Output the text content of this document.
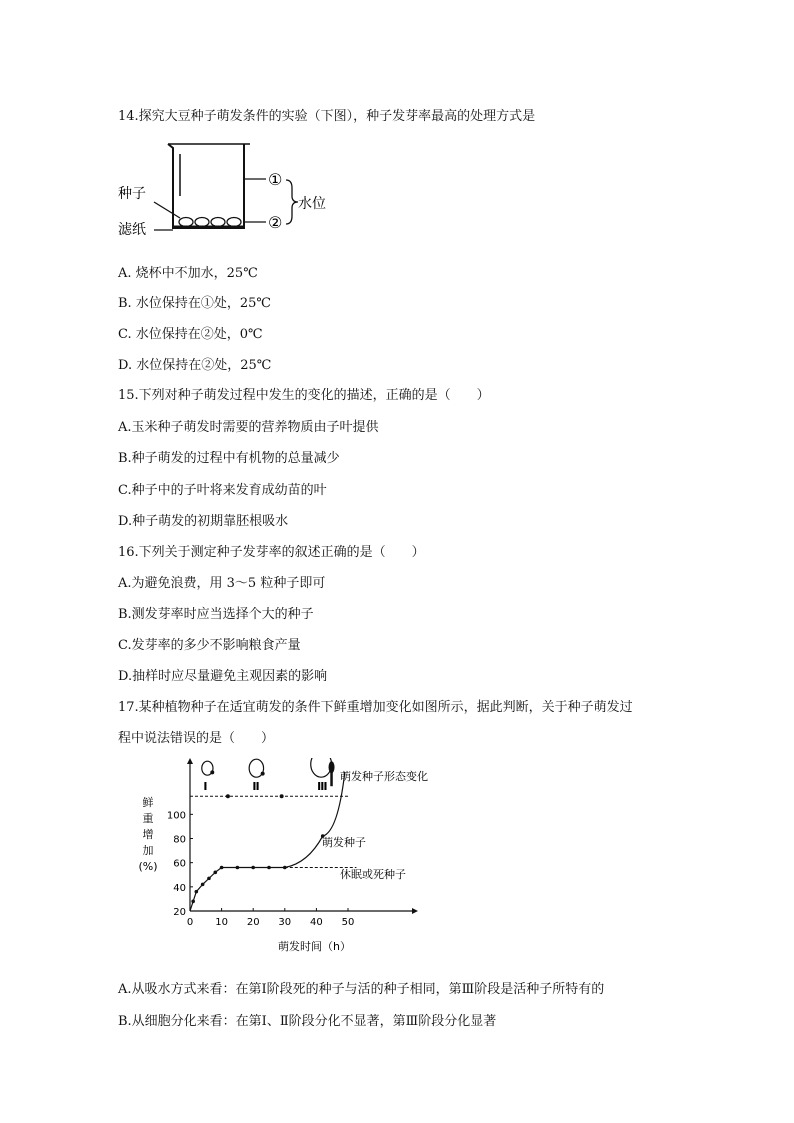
14.探究大豆种子萌发条件的实验（下图），种子发芽率最高的处理方式是
种子
滤纸
①
②
水位
A. 烧杯中不加水，25℃
B. 水位保持在①处，25℃
C. 水位保持在②处，0℃
D. 水位保持在②处，25℃
15.下列对种子萌发过程中发生的变化的描述，正确的是（　　）
A.玉米种子萌发时需要的营养物质由子叶提供
B.种子萌发的过程中有机物的总量减少
C.种子中的子叶将来发育成幼苗的叶
D.种子萌发的初期靠胚根吸水
16.下列关于测定种子发芽率的叙述正确的是（　　）
A.为避免浪费，用 3～5 粒种子即可
B.测发芽率时应当选择个大的种子
C.发芽率的多少不影响粮食产量
D.抽样时应尽量避免主观因素的影响
17.某种植物种子在适宜萌发的条件下鲜重增加变化如图所示，据此判断，关于种子萌发过
程中说法错误的是（　　）
鲜
重
增
加
(%)
0 10 20 30 40 50
20
40
60
80
100
Ⅰ	Ⅱ	Ⅲ
萌发时间（h）
萌发种子形态变化
萌发种子
休眠或死种子
A.从吸水方式来看：在第Ⅰ阶段死的种子与活的种子相同，第Ⅲ阶段是活种子所特有的
B.从细胞分化来看：在第Ⅰ、Ⅱ阶段分化不显著，第Ⅲ阶段分化显著
